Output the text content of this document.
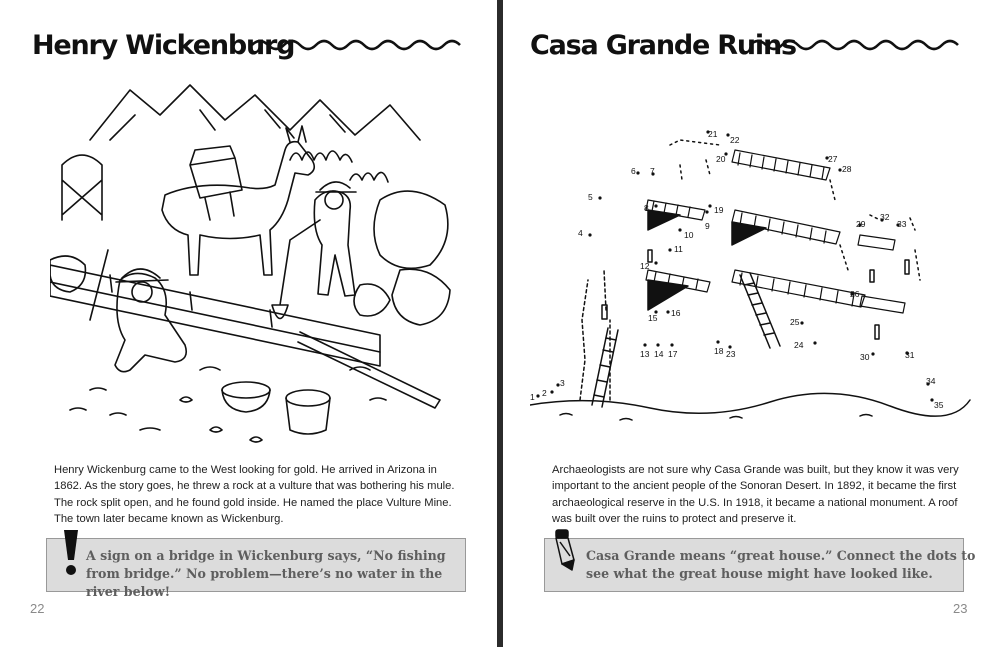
Henry Wickenburg
Henry Wickenburg came to the West looking for gold. He arrived in Arizona in 1862. As the story goes, he threw a rock at a vulture that was bothering his mule. The rock split open, and he found gold inside. He named the place Vulture Mine. The town later became known as Wickenburg.
A sign on a bridge in Wickenburg says, “No fishing from bridge.” No problem—there’s no water in the river below!
22
Casa Grande Ruins
1 2
3
4
5
6 7
8
9
10
11
12
13 14
15 16
17	18
19
20
21
22
23
24
25
26
27
28
29
30	31
32
33
34
35
Archaeologists are not sure why Casa Grande was built, but they know it was very important to the ancient people of the Sonoran Desert. In 1892, it became the first archaeological reserve in the U.S. In 1918, it became a national monument. A roof was built over the ruins to protect and preserve it.
Casa Grande means “great house.” Connect the dots to see what the great house might have looked like.
23
